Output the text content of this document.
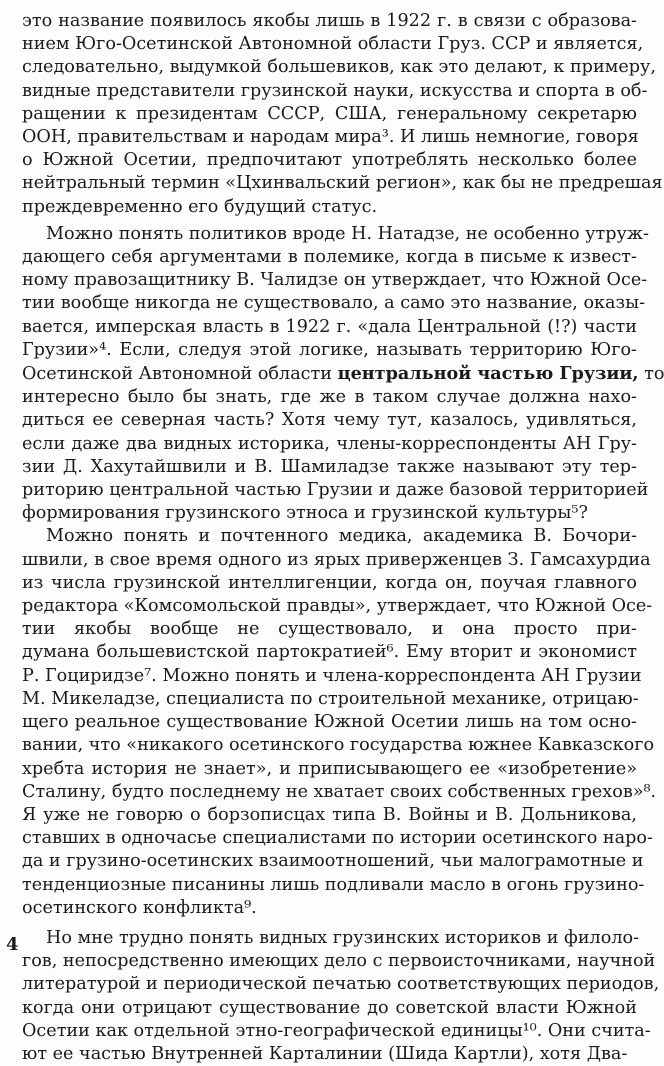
это название появилось якобы лишь в 1922 г. в связи с образова-
нием Юго-Осетинской Автономной области Груз. ССР и является,
следовательно, выдумкой большевиков, как это делают, к примеру,
видные представители грузинской науки, искусства и спорта в об-
ращении к президентам СССР, США, генеральному секретарю
ООН, правительствам и народам мира³. И лишь немногие, говоря
о Южной Осетии, предпочитают употреблять несколько более
нейтральный термин «Цхинвальский регион», как бы не предрешая
преждевременно его будущий статус.
Можно понять политиков вроде Н. Натадзе, не особенно утруж-
дающего себя аргументами в полемике, когда в письме к извест-
ному правозащитнику В. Чалидзе он утверждает, что Южной Осе-
тии вообще никогда не существовало, а само это название, оказы-
вается, имперская власть в 1922 г. «дала Центральной (!?) части
Грузии»⁴. Если, следуя этой логике, называть территорию Юго-
Осетинской Автономной области центральной частью Грузии, то
интересно было бы знать, где же в таком случае должна нахо-
диться ее северная часть? Хотя чему тут, казалось, удивляться,
если даже два видных историка, члены-корреспонденты АН Гру-
зии Д. Хахутайшвили и В. Шамиладзе также называют эту тер-
риторию центральной частью Грузии и даже базовой территорией
формирования грузинского этноса и грузинской культуры⁵?
Можно понять и почтенного медика, академика В. Бочори-
швили, в свое время одного из ярых приверженцев З. Гамсахурдиа
из числа грузинской интеллигенции, когда он, поучая главного
редактора «Комсомольской правды», утверждает, что Южной Осе-
тии якобы вообще не существовало, и она просто при-
думана большевистской партократией⁶. Ему вторит и экономист
Р. Гоциридзе⁷. Можно понять и члена-корреспондента АН Грузии
М. Микеладзе, специалиста по строительной механике, отрицаю-
щего реальное существование Южной Осетии лишь на том осно-
вании, что «никакого осетинского государства южнее Кавказского
хребта история не знает», и приписывающего ее «изобретение»
Сталину, будто последнему не хватает своих собственных грехов»⁸.
Я уже не говорю о борзописцах типа В. Войны и В. Дольникова,
ставших в одночасье специалистами по истории осетинского наро-
да и грузино-осетинских взаимоотношений, чьи малограмотные и
тенденциозные писанины лишь подливали масло в огонь грузино-
осетинского конфликта⁹.
Но мне трудно понять видных грузинских историков и филоло-
гов, непосредственно имеющих дело с первоисточниками, научной
литературой и периодической печатью соответствующих периодов,
когда они отрицают существование до советской власти Южной
Осетии как отдельной этно-географической единицы¹⁰. Они счита-
ют ее частью Внутренней Карталинии (Шида Картли), хотя Два-
4
